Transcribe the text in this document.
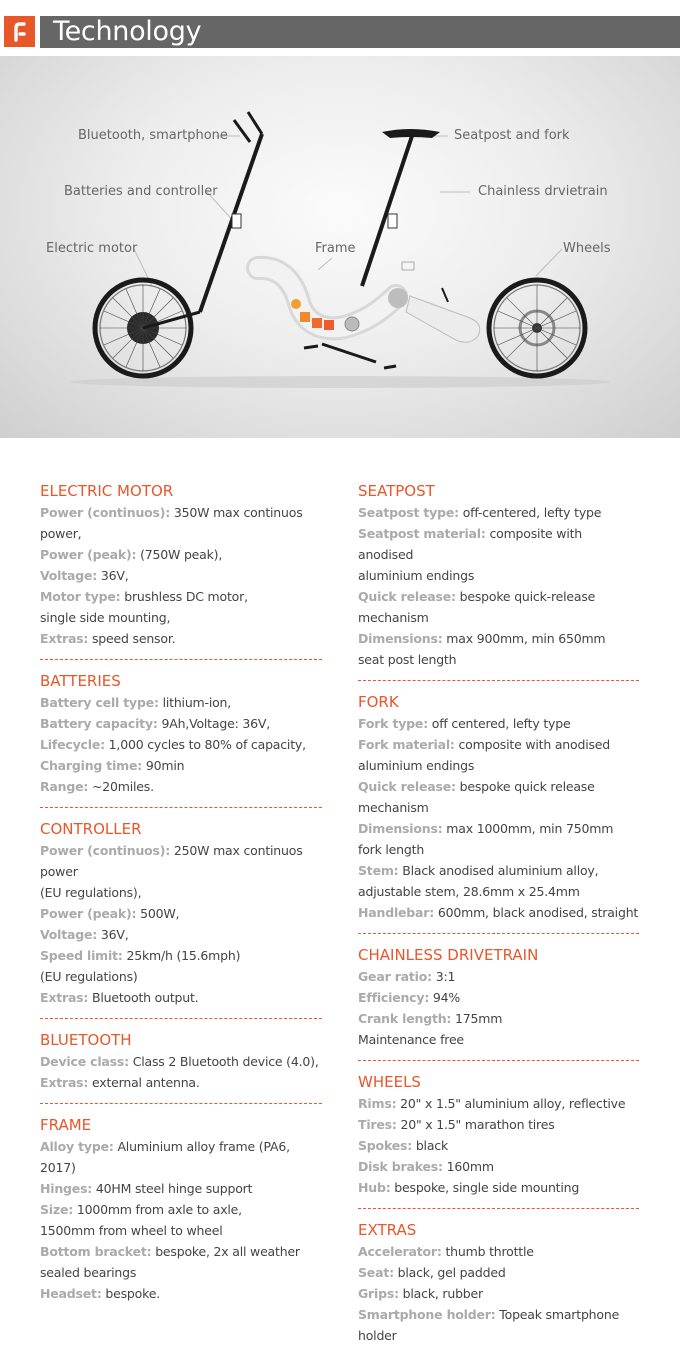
Technology
Bluetooth, smartphone
Batteries and controller
Electric motor	Frame
Seatpost and fork
Chainless drvietrain
Wheels
ELECTRIC MOTOR

Power (continuos): 350W max continuos power,

Power (peak): (750W peak),

Voltage: 36V,

Motor type: brushless DC motor,

single side mounting,

Extras: speed sensor.

BATTERIES

Battery cell type: lithium-ion,

Battery capacity: 9Ah,Voltage: 36V,

Lifecycle: 1,000 cycles to 80% of capacity,

Charging time: 90min

Range: ~20miles.

CONTROLLER

Power (continuos): 250W max continuos power

(EU regulations),

Power (peak): 500W,

Voltage: 36V,

Speed limit: 25km/h (15.6mph)

(EU regulations)

Extras: Bluetooth output.

BLUETOOTH

Device class: Class 2 Bluetooth device (4.0),

Extras: external antenna.

FRAME

Alloy type: Aluminium alloy frame (PA6, 2017)

Hinges: 40HM steel hinge support

Size: 1000mm from axle to axle,

1500mm from wheel to wheel

Bottom bracket: bespoke, 2x all weather

sealed bearings

Headset: bespoke.

SEATPOST

Seatpost type: off-centered, lefty type

Seatpost material: composite with anodised

aluminium endings

Quick release: bespoke quick-release

mechanism

Dimensions: max 900mm, min 650mm

seat post length

FORK

Fork type: off centered, lefty type

Fork material: composite with anodised

aluminium endings

Quick release: bespoke quick release

mechanism

Dimensions: max 1000mm, min 750mm

fork length

Stem: Black anodised aluminium alloy,

adjustable stem, 28.6mm x 25.4mm

Handlebar: 600mm, black anodised, straight

CHAINLESS DRIVETRAIN

Gear ratio: 3:1

Efficiency: 94%

Crank length: 175mm

Maintenance free

WHEELS

Rims: 20" x 1.5" aluminium alloy, reflective

Tires: 20" x 1.5" marathon tires

Spokes: black

Disk brakes: 160mm

Hub: bespoke, single side mounting

EXTRAS

Accelerator: thumb throttle

Seat: black, gel padded

Grips: black, rubber

Smartphone holder: Topeak smartphone holder
